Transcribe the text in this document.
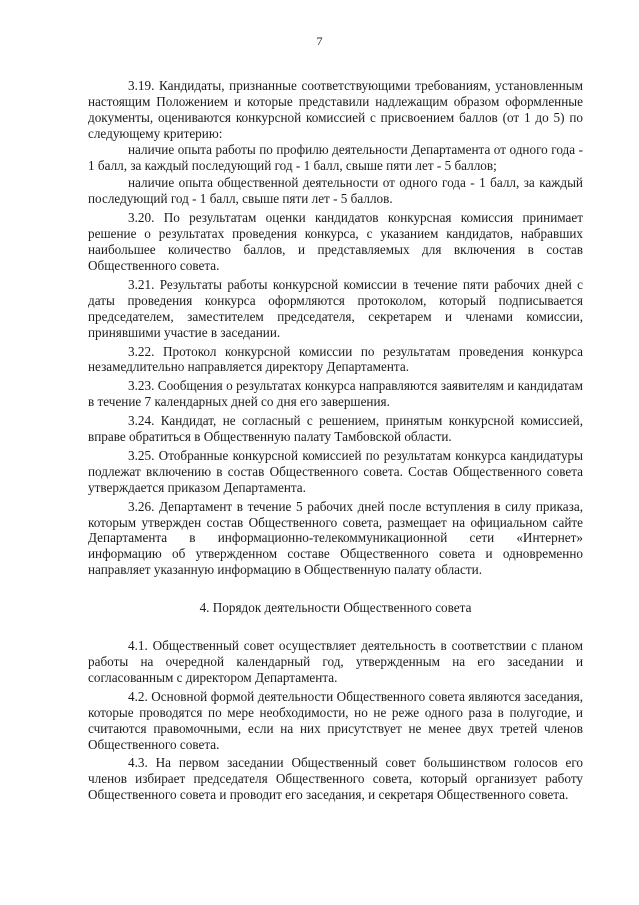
7

3.19. Кандидаты, признанные соответствующими требованиям, установленным настоящим Положением и которые представили надлежащим образом оформленные документы, оцениваются конкурсной комиссией с присвоением баллов (от 1 до 5) по следующему критерию:

наличие опыта работы по профилю деятельности Департамента от одного года - 1 балл, за каждый последующий год - 1 балл, свыше пяти лет - 5 баллов;

наличие опыта общественной деятельности от одного года - 1 балл, за каждый последующий год - 1 балл, свыше пяти лет - 5 баллов.

3.20. По результатам оценки кандидатов конкурсная комиссия принимает решение о результатах проведения конкурса, с указанием кандидатов, набравших наибольшее количество баллов, и представляемых для включения в состав Общественного совета.

3.21. Результаты работы конкурсной комиссии в течение пяти рабочих дней с даты проведения конкурса оформляются протоколом, который подписывается председателем, заместителем председателя, секретарем и членами комиссии, принявшими участие в заседании.

3.22. Протокол конкурсной комиссии по результатам проведения конкурса незамедлительно направляется директору Департамента.

3.23. Сообщения о результатах конкурса направляются заявителям и кандидатам в течение 7 календарных дней со дня его завершения.

3.24. Кандидат, не согласный с решением, принятым конкурсной комиссией, вправе обратиться в Общественную палату Тамбовской области.

3.25. Отобранные конкурсной комиссией по результатам конкурса кандидатуры подлежат включению в состав Общественного совета. Состав Общественного совета утверждается приказом Департамента.

3.26. Департамент в течение 5 рабочих дней после вступления в силу приказа, которым утвержден состав Общественного совета, размещает на официальном сайте Департамента в информационно-телекоммуникационной сети «Интернет» информацию об утвержденном составе Общественного совета и одновременно направляет указанную информацию в Общественную палату области.

4. Порядок деятельности Общественного совета

4.1. Общественный совет осуществляет деятельность в соответствии с планом работы на очередной календарный год, утвержденным на его заседании и согласованным с директором Департамента.

4.2. Основной формой деятельности Общественного совета являются заседания, которые проводятся по мере необходимости, но не реже одного раза в полугодие, и считаются правомочными, если на них присутствует не менее двух третей членов Общественного совета.

4.3. На первом заседании Общественный совет большинством голосов его членов избирает председателя Общественного совета, который организует работу Общественного совета и проводит его заседания, и секретаря Общественного совета.
